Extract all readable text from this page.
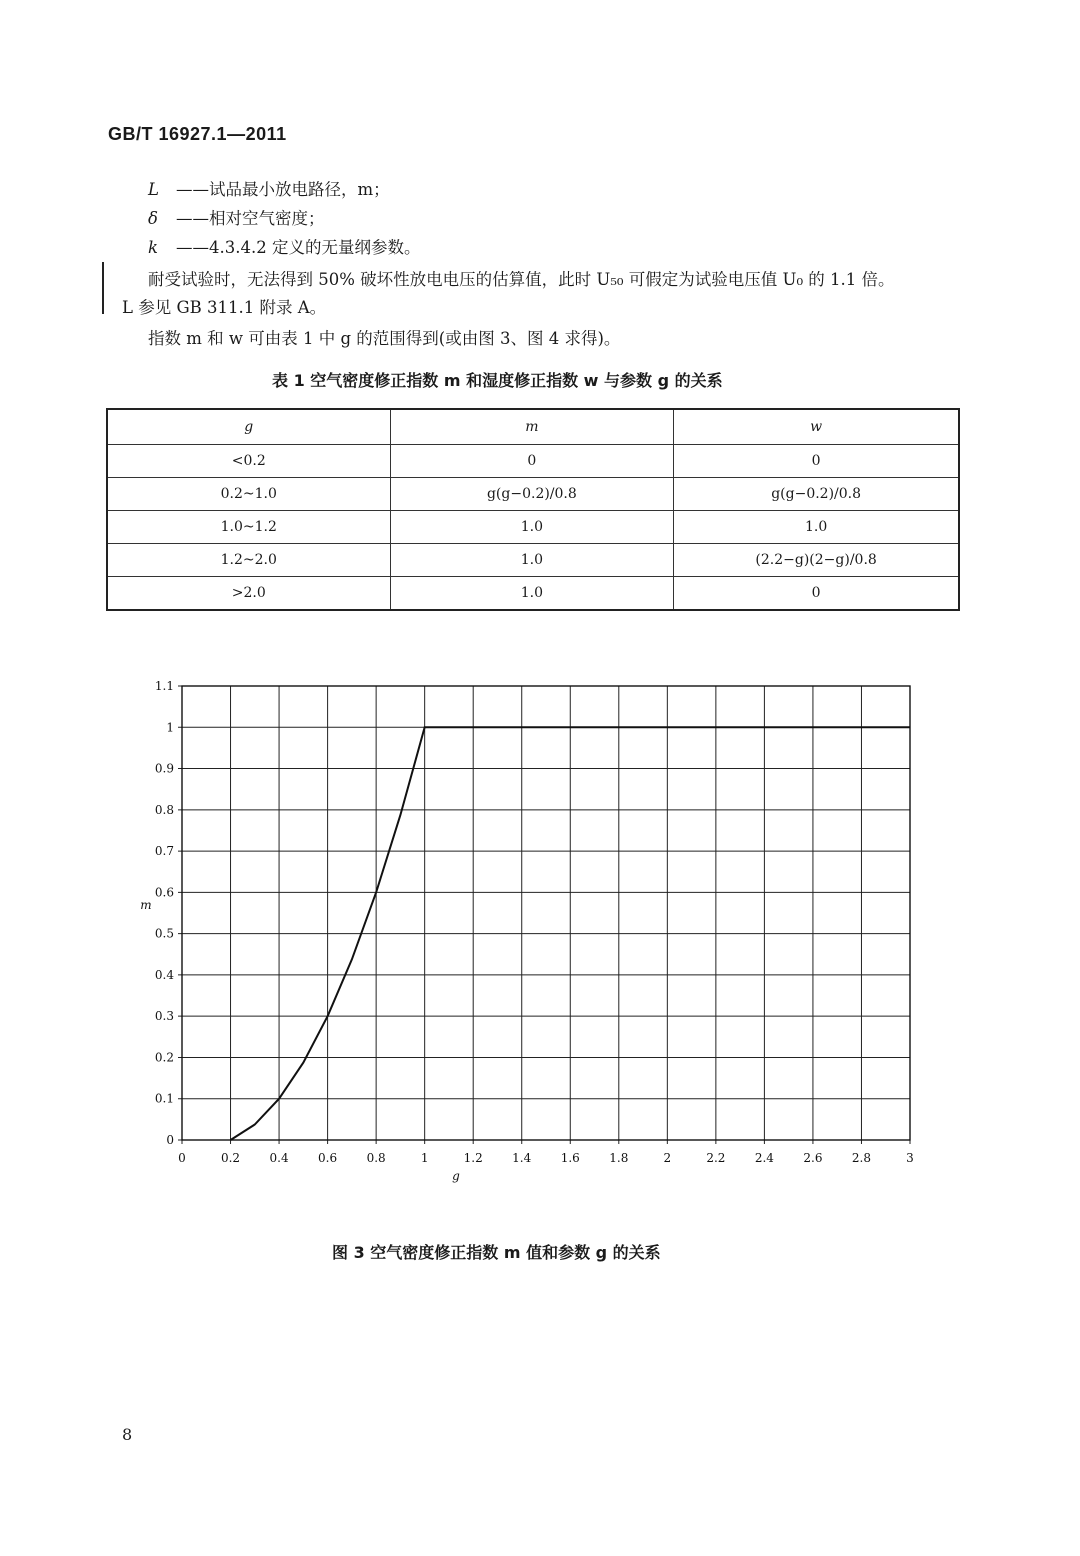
GB/T 16927.1—2011
L ——试品最小放电路径，m；
δ ——相对空气密度；
k ——4.3.4.2 定义的无量纲参数。
耐受试验时，无法得到 50% 破坏性放电电压的估算值，此时 U₅₀ 可假定为试验电压值 U₀ 的 1.1 倍。
L 参见 GB 311.1 附录 A。
指数 m 和 w 可由表 1 中 g 的范围得到(或由图 3、图 4 求得)。
表 1 空气密度修正指数 m 和湿度修正指数 w 与参数 g 的关系
g	m	w
<0.2	0	0
0.2~1.0	g(g−0.2)/0.8	g(g−0.2)/0.8
1.0~1.2	1.0	1.0
1.2~2.0	1.0	(2.2−g)(2−g)/0.8
>2.0	1.0	0
0	0.2 0.4 0.6 0.8	1	1.2 1.4 1.6 1.8	2	2.2 2.4 2.6 2.8	3
0
0.1
0.2
0.3
0.4
0.5
0.6
0.7
0.8
0.9
1
1.1
g
m
图 3 空气密度修正指数 m 值和参数 g 的关系
8
